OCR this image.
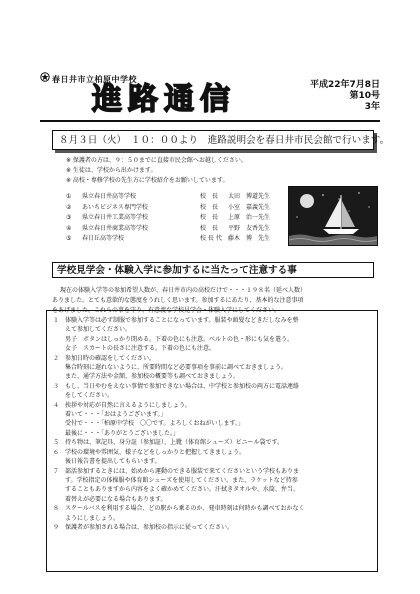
春日井市立柏原中学校
進路通信	平成22年7月8日
第10号
3年
８月３日（火）　１０：００より　進路説明会を春日井市民会館で行います。
※ 保護者の方は、９：５０までに直接市民会館へお越しください。
※ 生徒は、学校から出かけます。
※ 高校・専修学校の先生方に学校紹介をお願いしています。
①	県立春日井高等学校	校　長	太田　博道 先生
②	あいちビジネス専門学校	校　長	小室　嘉義 先生
③	県立春日井工業高等学校	校　長	上原　治一 先生
④	県立春日井商業高等学校	校　長	平野　友香 先生
⑤	春日丘高等学校	校 長 代	藤木　博 先生
学校見学会・体験入学に参加するに当たって注意する事

現在の体験入学等の参加希望人数が、春日井市内の高校だけで・・・１９８名（延べ人数）

ありました。とても意欲的な態度をうれしく思います。参加するにあたり、基本的な注意事項

をあげました。これらの事を守り、有意義な学校見学会・体験入学にしてください。

１　体験入学等は必ず制服で参加することになっています。服装や頭髪などきだしなみを整
えて参加してください。
男子　ボタンはしっかり閉める。下着の色にも注意。ベルトの色・形にも気を遣う。
女子　スカートの長さに注意する。下着の色にも注意。
２　参加日時の確認をしてください。
集合時刻に遅れないように、所要時間など必要事項を事前に調べておきましょう。
また、通学方法や金額、参加校の概要等も調べておきましょう。
３　もし、当日やむをえない事情で参加できない場合は、中学校と参加校の両方に電話連絡
をしてください。
４　挨拶や対応が自然に言えるようにしましょう。
着いて・・・「おはようございます。」
受付で・・・「柏原中学校　〇〇です。よろしくおねがいします。」
最後に・・・「ありがとうございました。」
５　持ち物は、筆記具、身分証（参加証）、上靴（体育館シューズ）ビニール袋です。
６　学校の環境や雰囲気、様子などをしっかりと把握してきましょう。
後日報告書を提出してもらいます。
７　部活参加するときには、始めから運動のできる服装で来てくださいという学校もありま
す。学校指定の体操服や体育館シューズを使用してください。また、ラケットなど持参
することもありますから内容をよく確かめてください。汗拭きタオルや、水筒、弁当、
着替えが必要になる場合もあります。
８　スクールバスを利用する場合、どの駅から乗るのか、発車時刻は何時かも調べておかなく
ようにしましょう。
９　保護者が参加される場合は、参加校の指示に従ってください。
